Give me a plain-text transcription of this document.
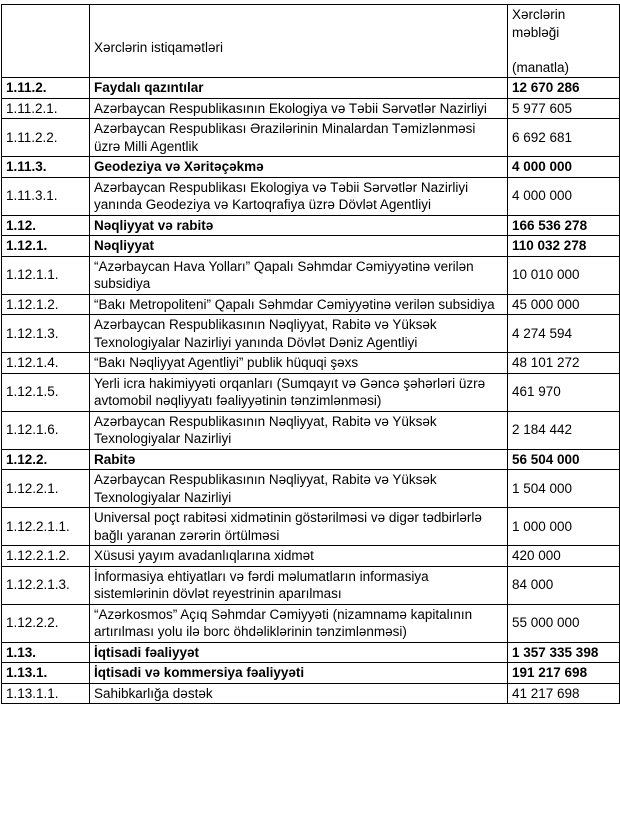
	Xərclərin istiqamətləri	Xərclərin məbləği
(manatla)

1.11.2.	Faydalı qazıntılar	12 670 286
1.11.2.1.	Azərbaycan Respublikasının Ekologiya və Təbii Sərvətlər Nazirliyi	5 977 605
1.11.2.2.	Azərbaycan Respublikası Ərazilərinin Minalardan Təmizlənməsi üzrə Milli Agentlik	6 692 681
1.11.3.	Geodeziya və Xəritəçəkmə	4 000 000
1.11.3.1.	Azərbaycan Respublikası Ekologiya və Təbii Sərvətlər Nazirliyi yanında Geodeziya və Kartoqrafiya üzrə Dövlət Agentliyi	4 000 000
1.12.	Nəqliyyat və rabitə	166 536 278
1.12.1.	Nəqliyyat	110 032 278
1.12.1.1.	“Azərbaycan Hava Yolları” Qapalı Səhmdar Cəmiyyətinə verilən subsidiya	10 010 000
1.12.1.2.	“Bakı Metropoliteni” Qapalı Səhmdar Cəmiyyətinə verilən subsidiya	45 000 000
1.12.1.3.	Azərbaycan Respublikasının Nəqliyyat, Rabitə və Yüksək Texnologiyalar Nazirliyi yanında Dövlət Dəniz Agentliyi	4 274 594
1.12.1.4.	“Bakı Nəqliyyat Agentliyi” publik hüquqi şəxs	48 101 272
1.12.1.5.	Yerli icra hakimiyyəti orqanları (Sumqayıt və Gəncə şəhərləri üzrə avtomobil nəqliyyatı fəaliyyətinin tənzimlənməsi)	461 970
1.12.1.6.	Azərbaycan Respublikasının Nəqliyyat, Rabitə və Yüksək Texnologiyalar Nazirliyi	2 184 442
1.12.2.	Rabitə	56 504 000
1.12.2.1.	Azərbaycan Respublikasının Nəqliyyat, Rabitə və Yüksək Texnologiyalar Nazirliyi	1 504 000
1.12.2.1.1.	Universal poçt rabitəsi xidmətinin göstərilməsi və digər tədbirlərlə bağlı yaranan zərərin örtülməsi	1 000 000
1.12.2.1.2.	Xüsusi yayım avadanlıqlarına xidmət	420 000
1.12.2.1.3.	İnformasiya ehtiyatları və fərdi məlumatların informasiya sistemlərinin dövlət reyestrinin aparılması	84 000
1.12.2.2.	“Azərkosmos” Açıq Səhmdar Cəmiyyəti (nizamnamə kapitalının artırılması yolu ilə borc öhdəliklərinin tənzimlənməsi)	55 000 000
1.13.	İqtisadi fəaliyyət	1 357 335 398
1.13.1.	İqtisadi və kommersiya fəaliyyəti	191 217 698
1.13.1.1.	Sahibkarlığa dəstək	41 217 698
